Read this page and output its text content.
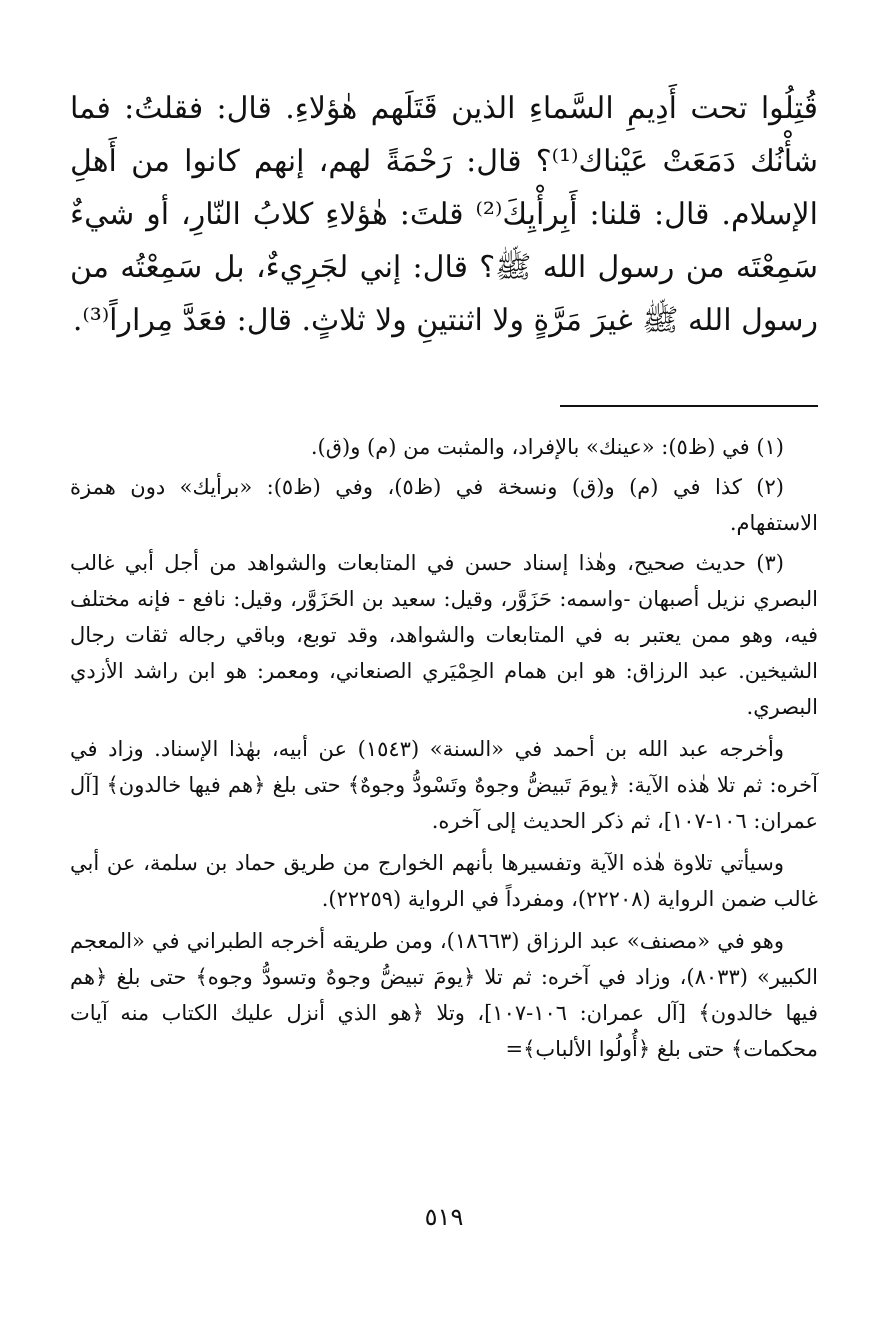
قُتِلُوا تحت أَدِيمِ السَّماءِ الذين قَتَلَهم هٰؤلاءِ. قال: فقلتُ: فما شأْنُك دَمَعَتْ عَيْناك⁽¹⁾؟ قال: رَحْمَةً لهم، إنهم كانوا من أَهلِ الإسلام. قال: قلنا: أَبِرأْيِكَ⁽²⁾ قلتَ: هٰؤلاءِ كلابُ النّارِ، أو شيءٌ سَمِعْتَه من رسول الله ﷺ؟ قال: إني لجَرِيءٌ، بل سَمِعْتُه من رسول الله ﷺ غيرَ مَرَّةٍ ولا اثنتينِ ولا ثلاثٍ. قال: فعَدَّ مِراراً⁽³⁾.

(١) في (ظ٥): «عينك» بالإفراد، والمثبت من (م) و(ق).

(٢) كذا في (م) و(ق) ونسخة في (ظ٥)، وفي (ظ٥): «برأيك» دون همزة الاستفهام.

(٣) حديث صحيح، وهٰذا إسناد حسن في المتابعات والشواهد من أجل أبي غالب البصري نزيل أصبهان -واسمه: حَزَوَّر، وقيل: سعيد بن الحَزَوَّر، وقيل: نافع - فإنه مختلف فيه، وهو ممن يعتبر به في المتابعات والشواهد، وقد توبع، وباقي رجاله ثقات رجال الشيخين. عبد الرزاق: هو ابن همام الحِمْيَري الصنعاني، ومعمر: هو ابن راشد الأزدي البصري.

وأخرجه عبد الله بن أحمد في «السنة» (١٥٤٣) عن أبيه، بهٰذا الإسناد. وزاد في آخره: ثم تلا هٰذه الآية: ﴿يومَ تَبيضُّ وجوهٌ وتَسْودُّ وجوهٌ﴾ حتى بلغ ﴿هم فيها خالدون﴾ [آل عمران: ١٠٦-١٠٧]، ثم ذكر الحديث إلى آخره.

وسيأتي تلاوة هٰذه الآية وتفسيرها بأنهم الخوارج من طريق حماد بن سلمة، عن أبي غالب ضمن الرواية (٢٢٢٠٨)، ومفرداً في الرواية (٢٢٢٥٩).

وهو في «مصنف» عبد الرزاق (١٨٦٦٣)، ومن طريقه أخرجه الطبراني في «المعجم الكبير» (٨٠٣٣)، وزاد في آخره: ثم تلا ﴿يومَ تبيضُّ وجوهٌ وتسودُّ وجوه﴾ حتى بلغ ﴿هم فيها خالدون﴾ [آل عمران: ١٠٦-١٠٧]، وتلا ﴿هو الذي أنزل عليك الكتاب منه آيات محكمات﴾ حتى بلغ ﴿أُولُوا الألباب﴾=

٥١٩
